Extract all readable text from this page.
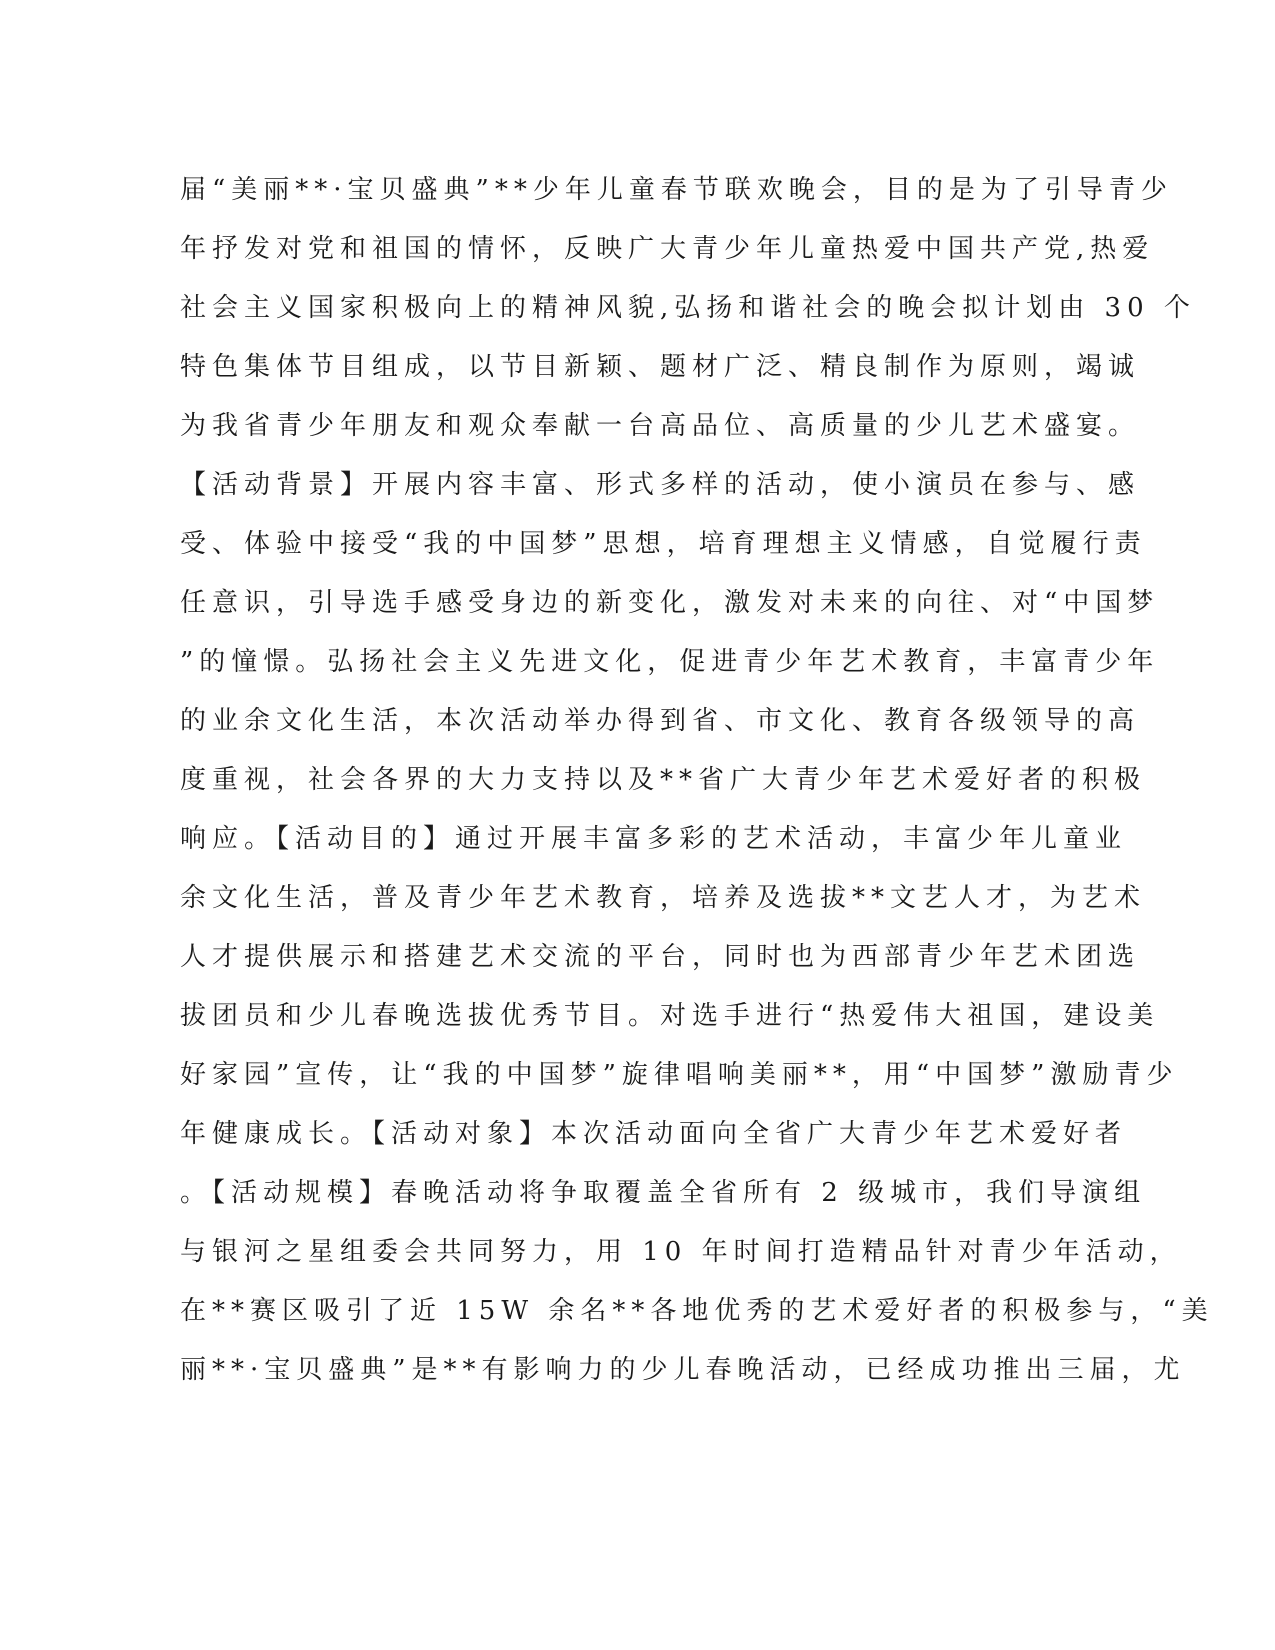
届“美丽**·宝贝盛典”**少年儿童春节联欢晚会，目的是为了引导青少
年抒发对党和祖国的情怀，反映广大青少年儿童热爱中国共产党,热爱
社会主义国家积极向上的精神风貌,弘扬和谐社会的晚会拟计划由 30 个
特色集体节目组成，以节目新颖、题材广泛、精良制作为原则，竭诚
为我省青少年朋友和观众奉献一台高品位、高质量的少儿艺术盛宴。
【活动背景】开展内容丰富、形式多样的活动，使小演员在参与、感
受、体验中接受“我的中国梦”思想，培育理想主义情感，自觉履行责
任意识，引导选手感受身边的新变化，激发对未来的向往、对“中国梦
”的憧憬。弘扬社会主义先进文化，促进青少年艺术教育，丰富青少年
的业余文化生活，本次活动举办得到省、市文化、教育各级领导的高
度重视，社会各界的大力支持以及**省广大青少年艺术爱好者的积极
响应。【活动目的】通过开展丰富多彩的艺术活动，丰富少年儿童业
余文化生活，普及青少年艺术教育，培养及选拔**文艺人才，为艺术
人才提供展示和搭建艺术交流的平台，同时也为西部青少年艺术团选
拔团员和少儿春晚选拔优秀节目。对选手进行“热爱伟大祖国，建设美
好家园”宣传，让“我的中国梦”旋律唱响美丽**，用“中国梦”激励青少
年健康成长。【活动对象】本次活动面向全省广大青少年艺术爱好者
。【活动规模】春晚活动将争取覆盖全省所有 2 级城市，我们导演组
与银河之星组委会共同努力，用 10 年时间打造精品针对青少年活动，
在**赛区吸引了近 15W 余名**各地优秀的艺术爱好者的积极参与，“美
丽**·宝贝盛典”是**有影响力的少儿春晚活动，已经成功推出三届，尤
